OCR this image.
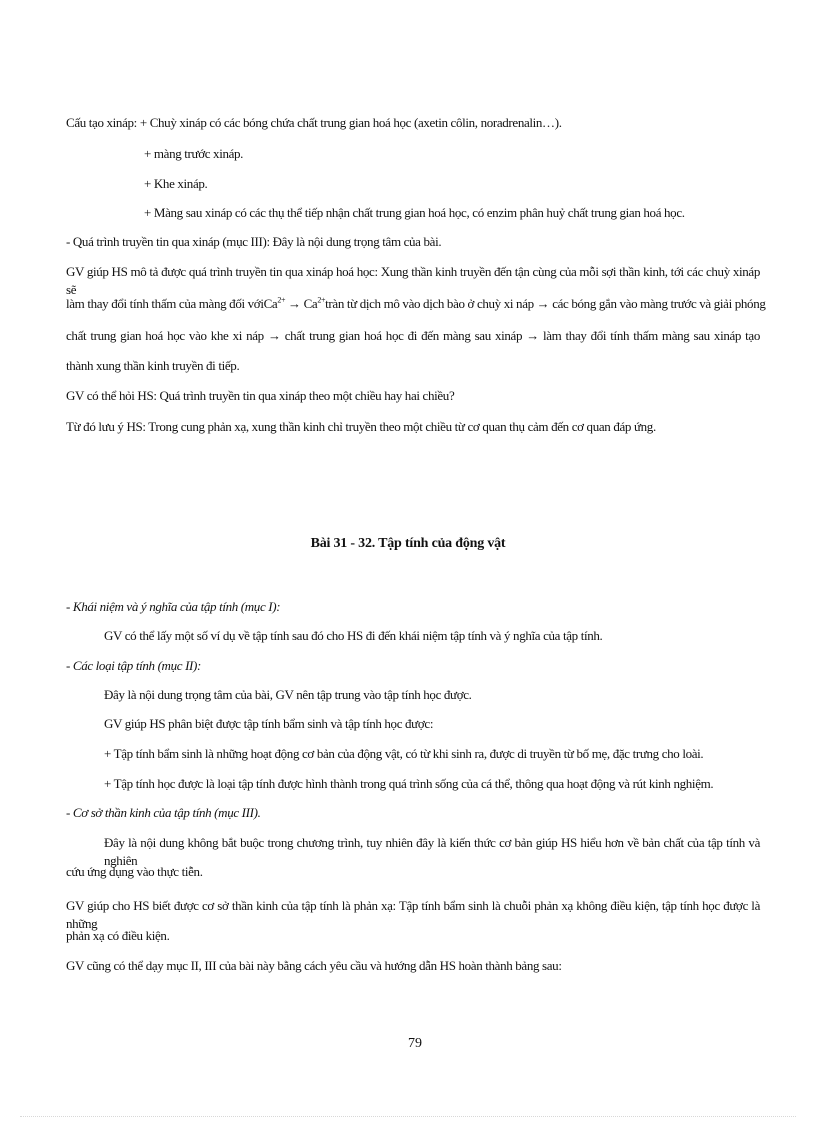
Cấu tạo xináp: + Chuỳ xináp có các bóng chứa chất trung gian hoá học (axetin côlin, noradrenalin…).
+ màng trước xináp.
+ Khe xináp.
+ Màng sau xináp có các thụ thể tiếp nhận chất trung gian hoá học, có enzim phân huỷ chất trung gian hoá học.
- Quá trình truyền tin qua xináp (mục III): Đây là nội dung trọng tâm của bài.
GV giúp HS mô tả được quá trình truyền tin qua xináp hoá học: Xung thần kinh truyền đến tận cùng của mỗi sợi thần kinh, tới các chuỳ xináp sẽ
làm thay đổi tính thấm của màng đối với $Ca^{2+} \to Ca^{2+}$ tràn từ dịch mô vào dịch bào ở chuỳ xi náp → các bóng gắn vào màng trước và giải phóng
chất trung gian hoá học vào khe xi náp → chất trung gian hoá học đi đến màng sau xináp → làm thay đổi tính thấm màng sau xináp tạo
thành xung thần kinh truyền đi tiếp.
GV có thể hỏi HS: Quá trình truyền tin qua xináp theo một chiều hay hai chiều?
Từ đó lưu ý HS: Trong cung phản xạ, xung thần kinh chỉ truyền theo một chiều từ cơ quan thụ cảm đến cơ quan đáp ứng.
Bài 31 - 32. Tập tính của động vật
- Khái niệm và ý nghĩa của tập tính (mục I):
GV có thể lấy một số ví dụ về tập tính sau đó cho HS đi đến khái niệm tập tính và ý nghĩa của tập tính.
- Các loại tập tính (mục II):
Đây là nội dung trọng tâm của bài, GV nên tập trung vào tập tính học được.
GV giúp HS phân biệt được tập tính bẩm sinh và tập tính học được:
+ Tập tính bẩm sinh là những hoạt động cơ bản của động vật, có từ khi sinh ra, được di truyền từ bố mẹ, đặc trưng cho loài.
+ Tập tính học được là loại tập tính được hình thành trong quá trình sống của cá thể, thông qua hoạt động và rút kinh nghiệm.
- Cơ sở thần kinh của tập tính (mục III).
Đây là nội dung không bắt buộc trong chương trình, tuy nhiên đây là kiến thức cơ bản giúp HS hiểu hơn về bản chất của tập tính và nghiên
cứu ứng dụng vào thực tiễn.
GV giúp cho HS biết được cơ sở thần kinh của tập tính là phản xạ: Tập tính bẩm sinh là chuỗi phản xạ không điều kiện, tập tính học được là những
phản xạ có điều kiện.
GV cũng có thể dạy mục II, III của bài này bằng cách yêu cầu và hướng dẫn HS hoàn thành bảng sau:
79
